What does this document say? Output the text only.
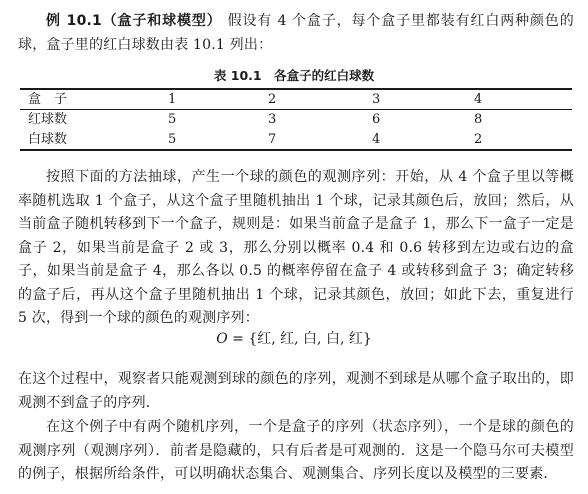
例 10.1（盒子和球模型） 假设有 4 个盒子，每个盒子里都装有红白两种颜色的球，盒子里的红白球数由表 10.1 列出：

表 10.1　各盒子的红白球数

盒　子	1	2	3	4
红球数	5	3	6	8
白球数	5	7	4	2

按照下面的方法抽球，产生一个球的颜色的观测序列：开始，从 4 个盒子里以等概率随机选取 1 个盒子，从这个盒子里随机抽出 1 个球，记录其颜色后，放回；然后，从当前盒子随机转移到下一个盒子，规则是：如果当前盒子是盒子 1，那么下一盒子一定是盒子 2，如果当前是盒子 2 或 3，那么分别以概率 0.4 和 0.6 转移到左边或右边的盒子，如果当前是盒子 4，那么各以 0.5 的概率停留在盒子 4 或转移到盒子 3；确定转移的盒子后，再从这个盒子里随机抽出 1 个球，记录其颜色，放回；如此下去，重复进行 5 次，得到一个球的颜色的观测序列：

O = {红, 红, 白, 白, 红}

在这个过程中，观察者只能观测到球的颜色的序列，观测不到球是从哪个盒子取出的，即观测不到盒子的序列．

在这个例子中有两个随机序列，一个是盒子的序列（状态序列），一个是球的颜色的观测序列（观测序列）．前者是隐藏的，只有后者是可观测的．这是一个隐马尔可夫模型的例子，根据所给条件，可以明确状态集合、观测集合、序列长度以及模型的三要素．
